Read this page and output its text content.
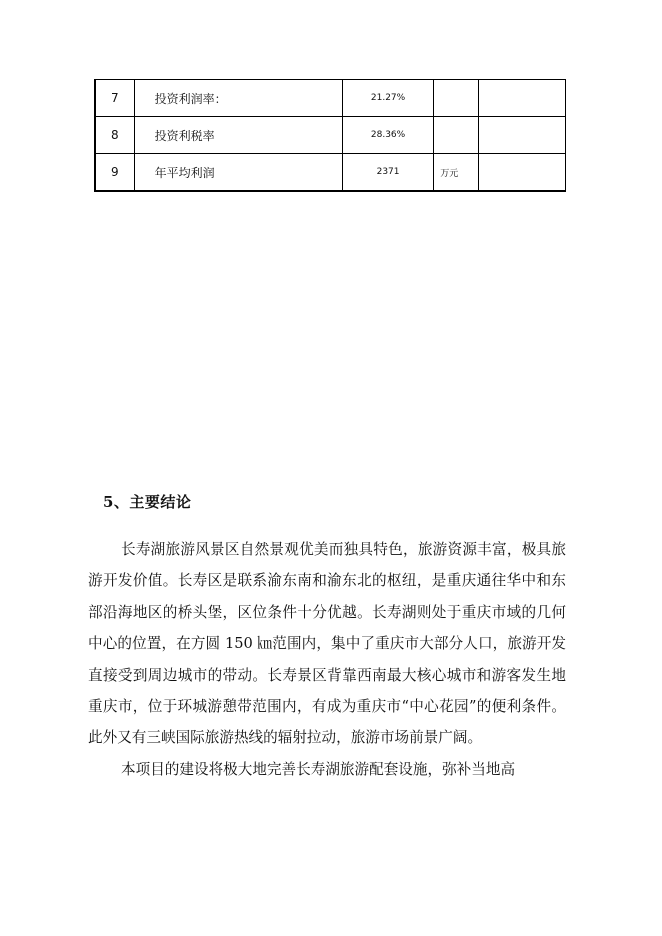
7	投资利润率：	21.27%		
8	投资利税率	28.36%		
9	年平均利润	2371	万元	
5、主要结论

长寿湖旅游风景区自然景观优美而独具特色，旅游资源丰富，极具旅游开发价值。长寿区是联系渝东南和渝东北的枢纽，是重庆通往华中和东部沿海地区的桥头堡，区位条件十分优越。长寿湖则处于重庆市域的几何中心的位置，在方圆 150 ㎞范围内，集中了重庆市大部分人口，旅游开发直接受到周边城市的带动。长寿景区背靠西南最大核心城市和游客发生地重庆市，位于环城游憩带范围内，有成为重庆市“中心花园”的便利条件。此外又有三峡国际旅游热线的辐射拉动，旅游市场前景广阔。

本项目的建设将极大地完善长寿湖旅游配套设施，弥补当地高
